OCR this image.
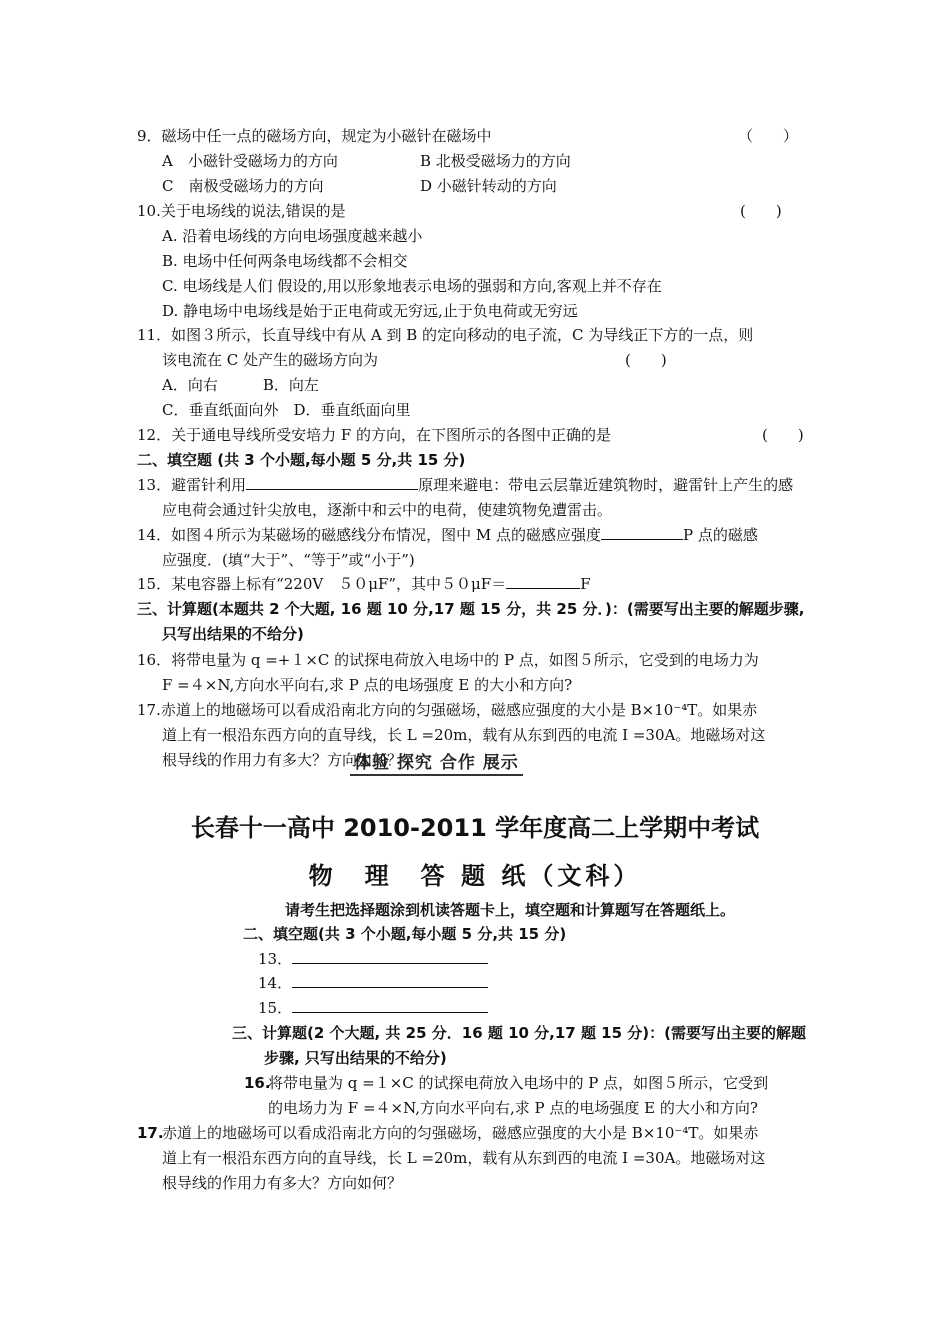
9．磁场中任一点的磁场方向，规定为小磁针在磁场中	（　　）
A　小磁针受磁场力的方向	B 北极受磁场力的方向
C　南极受磁场力的方向	D 小磁针转动的方向
10.关于电场线的说法,错误的是	(　　)
A. 沿着电场线的方向电场强度越来越小
B. 电场中任何两条电场线都不会相交
C. 电场线是人们 假设的,用以形象地表示电场的强弱和方向,客观上并不存在
D. 静电场中电场线是始于正电荷或无穷远,止于负电荷或无穷远
11．如图３所示，长直导线中有从 A 到 B 的定向移动的电子流，C 为导线正下方的一点，则
该电流在 C 处产生的磁场方向为	(　　)
A．向右　　　B．向左
C．垂直纸面向外　D．垂直纸面向里
12．关于通电导线所受安培力 F 的方向，在下图所示的各图中正确的是	(　　)
二、填空题 (共 3 个小题,每小题 5 分,共 15 分)
13．避雷针利用	原理来避电：带电云层靠近建筑物时，避雷针上产生的感
应电荷会通过针尖放电，逐渐中和云中的电荷，使建筑物免遭雷击。
14．如图４所示为某磁场的磁感线分布情况，图中 M 点的磁感应强度	P 点的磁感
应强度．(填“大于”、“等于”或“小于”)
15．某电容器上标有“220V　５０μF”，其中５０μF＝	F
三、计算题(本题共 2 个大题, 16 题 10 分,17 题 15 分，共 25 分．)：(需要写出主要的解题步骤,
只写出结果的不给分)
16．将带电量为 q =+１×C 的试探电荷放入电场中的 P 点，如图５所示，它受到的电场力为
F =４×N,方向水平向右,求 P 点的电场强度 E 的大小和方向?
17.赤道上的地磁场可以看成沿南北方向的匀强磁场，磁感应强度的大小是 B×10⁻⁴T。如果赤
道上有一根沿东西方向的直导线，长 L =20m，载有从东到西的电流 I =30A。地磁场对这
根导线的作用力有多大？方向如何？
体验 探究 合作 展示
长春十一高中 2010-2011 学年度高二上学期中考试
物　理　答 题 纸（文科）
请考生把选择题涂到机读答题卡上，填空题和计算题写在答题纸上。
二、填空题(共 3 个小题,每小题 5 分,共 15 分)
13．
14．
15．
三、计算题(2 个大题, 共 25 分．16 题 10 分,17 题 15 分)：(需要写出主要的解题
步骤, 只写出结果的不给分)
16.
将带电量为 q =１×C 的试探电荷放入电场中的 P 点，如图５所示，它受到
的电场力为 F =４×N,方向水平向右,求 P 点的电场强度 E 的大小和方向?
17.
赤道上的地磁场可以看成沿南北方向的匀强磁场，磁感应强度的大小是 B×10⁻⁴T。如果赤
道上有一根沿东西方向的直导线，长 L =20m，载有从东到西的电流 I =30A。地磁场对这
根导线的作用力有多大？方向如何？
